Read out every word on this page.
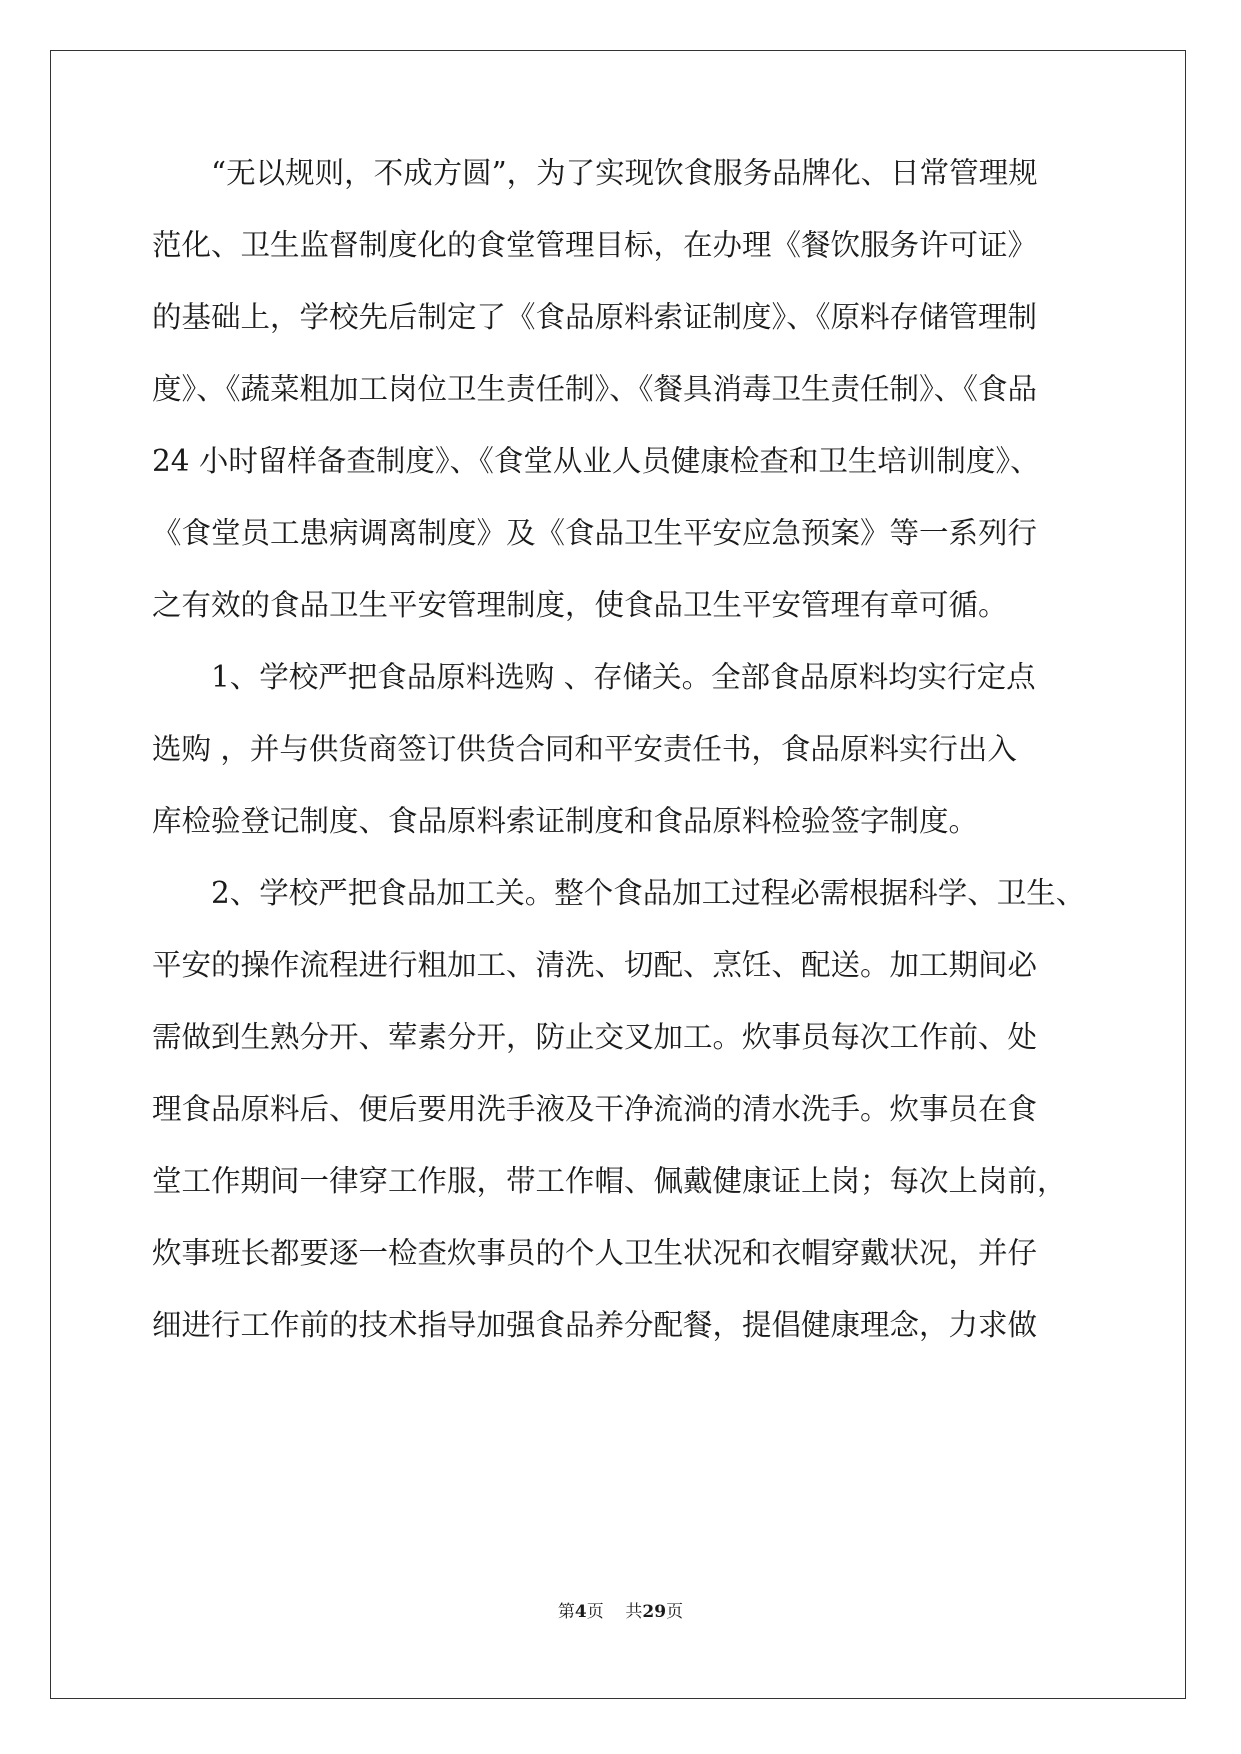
　　“无以规则，不成方圆”，为了实现饮食服务品牌化、日常管理规
范化、卫生监督制度化的食堂管理目标，在办理《餐饮服务许可证》
的基础上，学校先后制定了《食品原料索证制度》、《原料存储管理制
度》、《蔬菜粗加工岗位卫生责任制》、《餐具消毒卫生责任制》、《食品
24 小时留样备查制度》、《食堂从业人员健康检查和卫生培训制度》、
《食堂员工患病调离制度》及《食品卫生平安应急预案》等一系列行
之有效的食品卫生平安管理制度，使食品卫生平安管理有章可循。
　　1、学校严把食品原料选购 、存储关。全部食品原料均实行定点
选购 ，并与供货商签订供货合同和平安责任书，食品原料实行出入
库检验登记制度、食品原料索证制度和食品原料检验签字制度。
　　2、学校严把食品加工关。整个食品加工过程必需根据科学、卫生、
平安的操作流程进行粗加工、清洗、切配、烹饪、配送。加工期间必
需做到生熟分开、荤素分开，防止交叉加工。炊事员每次工作前、处
理食品原料后、便后要用洗手液及干净流淌的清水洗手。炊事员在食
堂工作期间一律穿工作服，带工作帽、佩戴健康证上岗；每次上岗前，
炊事班长都要逐一检查炊事员的个人卫生状况和衣帽穿戴状况，并仔
细进行工作前的技术指导加强食品养分配餐，提倡健康理念，力求做
第4页 共29页
